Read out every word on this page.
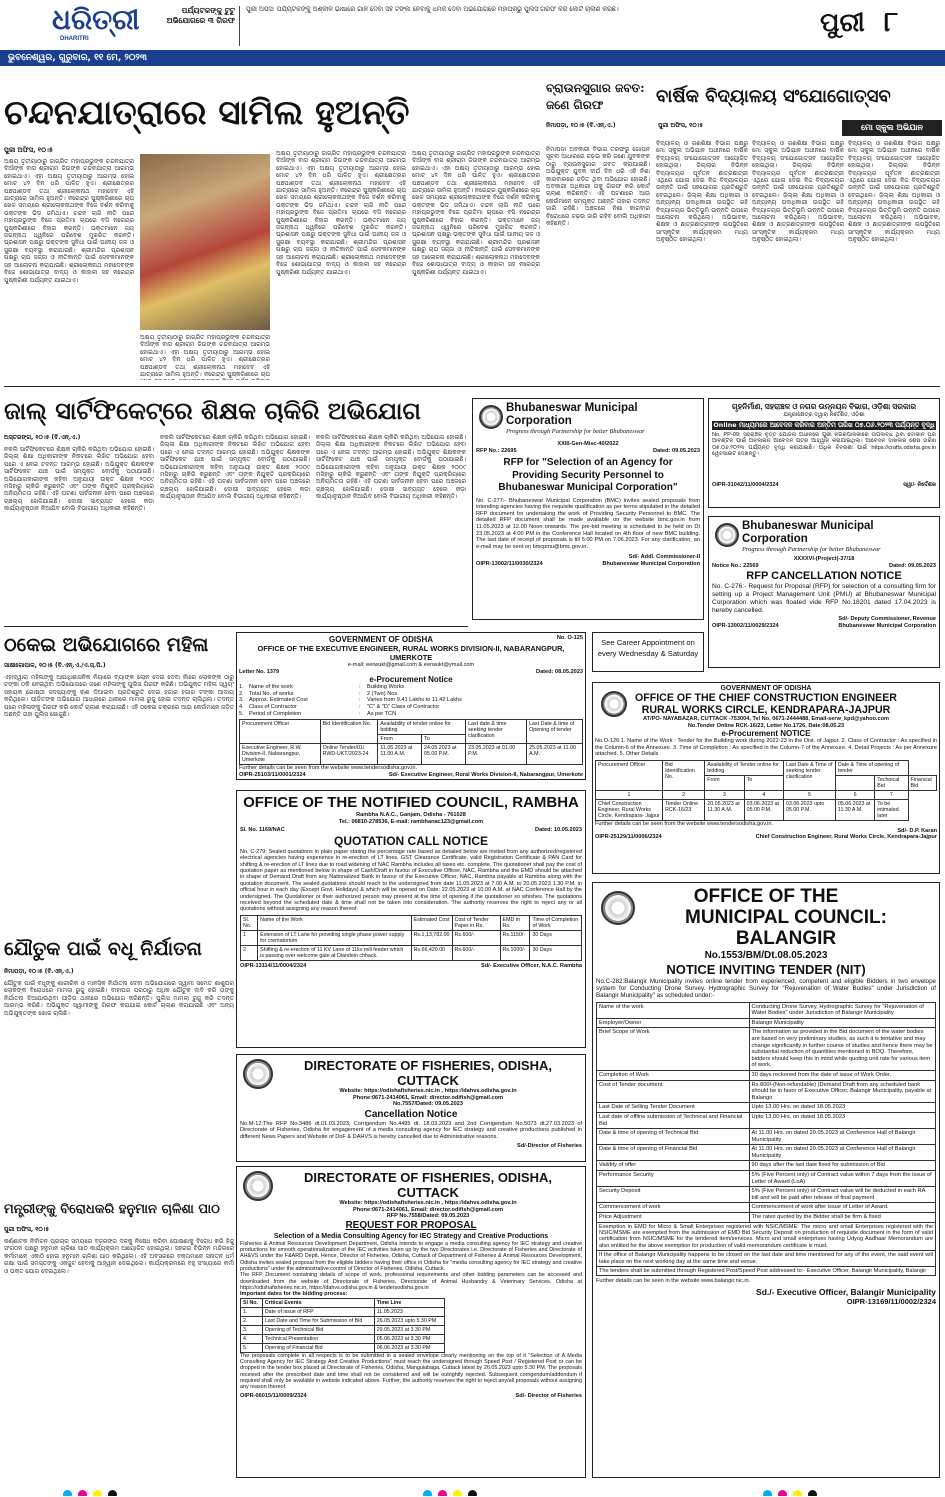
ଧରିତ୍ରୀ
DHARITRI
ପର୍ଯ୍ୟଟକଙ୍କୁ ଟୁଟୁ ଅଭିଯୋଗରେ ୩ ଗିରଫ
ପୁରୀ ଅପିସ: ପର୍ଯ୍ୟଟକଙ୍କୁ ଅଶ୍ଳୀଳ ଭାଷାରେ ଗାଳି ଦେବା ସହ ଟଙ୍କା ନେବାକୁ ଧମକ ଦେବା ଅଭିଯୋଗରେ ମହାପ୍ରଭୁ ପୁଲିସ ଗିରଫ କରି କୋର୍ଟ ଚାଲାଣ କରିଛି।	ପୁରୀ ୮
ଭୁବନେଶ୍ୱର, ଗୁରୁବାର, ୧୧ ମେ, ୨୦୨୩
ଚନ୍ଦନଯାତ୍ରାରେ ସାମିଲ ହୁଅନ୍ତି
ପୁରୀ ଅଫିସ, ୧୦।୫
ଅକ୍ଷୟ ତୃତୀୟାଠାରୁ ଜାଗ୍ରିତ ମହାପ୍ରଭୁଙ୍କ ଚନ୍ଦନଯାତ୍ରା ଦିଆଁଙ୍କ ବାସ ଶ୍ରୀରାମ ଜିଉଙ୍କ ଚନ୍ଦନଯାତ୍ରା ଆରମ୍ଭ ହୋଇଥାଏ। ଏହା ଅକ୍ଷୟ ତୃତୀୟାଠାରୁ ଆରମ୍ଭ ହୋଇ ମୋଟ ୪୨ ଦିନ ଧରି ପାଳିତ ହୁଏ। ଶ୍ରୀକ୍ଷେତ୍ରର ପଞ୍ଚପାଣ୍ଡବ ତଥା ଶ୍ରୀଲୋକନାଥ ମହାଦେବ ଏହି ଯାତ୍ରାରେ ସାମିଲ ହୁଅନ୍ତି। ନରେନ୍ଦ୍ର ପୁଷ୍କରିଣୀରେ ଚାପ ଖେଳ ସମୟରେ ଶ୍ରୀଲୋକନାଥଙ୍କ ବିଜେ ଦର୍ଶନ କରିବାକୁ ଭକ୍ତଙ୍କ ଭିଡ଼ ଜମିଥାଏ। ଚନ୍ଦନ ଲାଗି ନୀତି ପରେ ମହାପ୍ରଭୁଙ୍କ ବିଜେ ପ୍ରତିମା ଚାପରେ ବସି ନରେନ୍ଦ୍ର ପୁଷ୍କରିଣୀରେ ବିହାର କରନ୍ତି। ଭକ୍ତମାନେ ଜୟ ଜଗନ୍ନାଥ ଧ୍ୱନିରେ ପରିବେଶ ମୁଖରିତ କରନ୍ତି। ପ୍ରଶାସନ ପକ୍ଷରୁ ଭକ୍ତଙ୍କ ସୁବିଧା ପାଇଁ ପାନୀୟ ଜଳ ଓ ସୁରକ୍ଷା ବ୍ୟବସ୍ଥା କରାଯାଇଛି। ଶ୍ରୀମନ୍ଦିର ପ୍ରଶାସନ ପକ୍ଷରୁ ଚାପ ସଜ୍ଜା ଓ ନୀତିକାନ୍ତି ପାଇଁ ସେବକମାନଙ୍କ ସହ ଆଲୋଚନା କରାଯାଇଛି। ଶ୍ରୀଲୋକନାଥ ମହାଦେବଙ୍କ ବିଜେ ଶୋଭାଯାତ୍ରା ବାଦ୍ୟ ଓ କାହାଳୀ ସହ ନରେନ୍ଦ୍ର ପୁଷ୍କରିଣୀ ପର୍ଯ୍ୟନ୍ତ ଯାଇଥାଏ।
ଅକ୍ଷୟ ତୃତୀୟାଠାରୁ ଜାଗ୍ରିତ ମହାପ୍ରଭୁଙ୍କ ଚନ୍ଦନଯାତ୍ରା ଦିଆଁଙ୍କ ବାସ ଶ୍ରୀରାମ ଜିଉଙ୍କ ଚନ୍ଦନଯାତ୍ରା ଆରମ୍ଭ ହୋଇଥାଏ। ଏହା ଅକ୍ଷୟ ତୃତୀୟାଠାରୁ ଆରମ୍ଭ ହୋଇ ମୋଟ ୪୨ ଦିନ ଧରି ପାଳିତ ହୁଏ। ଶ୍ରୀକ୍ଷେତ୍ରର ପଞ୍ଚପାଣ୍ଡବ ତଥା ଶ୍ରୀଲୋକନାଥ ମହାଦେବ ଏହି ଯାତ୍ରାରେ ସାମିଲ ହୁଅନ୍ତି। ନରେନ୍ଦ୍ର ପୁଷ୍କରିଣୀରେ ଚାପ
ଅକ୍ଷୟ ତୃତୀୟାଠାରୁ ଜାଗ୍ରିତ ମହାପ୍ରଭୁଙ୍କ ଚନ୍ଦନଯାତ୍ରା ଦିଆଁଙ୍କ ବାସ ଶ୍ରୀରାମ ଜିଉଙ୍କ ଚନ୍ଦନଯାତ୍ରା ଆରମ୍ଭ ହୋଇଥାଏ। ଏହା ଅକ୍ଷୟ ତୃତୀୟାଠାରୁ ଆରମ୍ଭ ହୋଇ ମୋଟ ୪୨ ଦିନ ଧରି ପାଳିତ ହୁଏ। ଶ୍ରୀକ୍ଷେତ୍ରର ପଞ୍ଚପାଣ୍ଡବ ତଥା ଶ୍ରୀଲୋକନାଥ ମହାଦେବ ଏହି ଯାତ୍ରାରେ ସାମିଲ ହୁଅନ୍ତି। ନରେନ୍ଦ୍ର ପୁଷ୍କରିଣୀରେ ଚାପ ଖେଳ ସମୟରେ ଶ୍ରୀଲୋକନାଥଙ୍କ ବିଜେ ଦର୍ଶନ କରିବାକୁ ଭକ୍ତଙ୍କ ଭିଡ଼ ଜମିଥାଏ। ଚନ୍ଦନ ଲାଗି ନୀତି ପରେ ମହାପ୍ରଭୁଙ୍କ ବିଜେ ପ୍ରତିମା ଚାପରେ ବସି ନରେନ୍ଦ୍ର ପୁଷ୍କରିଣୀରେ ବିହାର କରନ୍ତି। ଭକ୍ତମାନେ ଜୟ ଜଗନ୍ନାଥ ଧ୍ୱନିରେ ପରିବେଶ ମୁଖରିତ କରନ୍ତି। ପ୍ରଶାସନ ପକ୍ଷରୁ ଭକ୍ତଙ୍କ ସୁବିଧା ପାଇଁ ପାନୀୟ ଜଳ ଓ ସୁରକ୍ଷା ବ୍ୟବସ୍ଥା କରାଯାଇଛି। ଶ୍ରୀମନ୍ଦିର ପ୍ରଶାସନ ପକ୍ଷରୁ ଚାପ ସଜ୍ଜା ଓ ନୀତିକାନ୍ତି ପାଇଁ ସେବକମାନଙ୍କ ସହ ଆଲୋଚନା କରାଯାଇଛି। ଶ୍ରୀଲୋକନାଥ ମହାଦେବଙ୍କ ବିଜେ ଶୋଭାଯାତ୍ରା ବାଦ୍ୟ ଓ କାହାଳୀ ସହ ନରେନ୍ଦ୍ର ପୁଷ୍କରିଣୀ ପର୍ଯ୍ୟନ୍ତ ଯାଇଥାଏ।
ଅକ୍ଷୟ ତୃତୀୟାଠାରୁ ଜାଗ୍ରିତ ମହାପ୍ରଭୁଙ୍କ ଚନ୍ଦନଯାତ୍ରା ଦିଆଁଙ୍କ ବାସ ଶ୍ରୀରାମ ଜିଉଙ୍କ ଚନ୍ଦନଯାତ୍ରା ଆରମ୍ଭ ହୋଇଥାଏ। ଏହା ଅକ୍ଷୟ ତୃତୀୟାଠାରୁ ଆରମ୍ଭ ହୋଇ ମୋଟ ୪୨ ଦିନ ଧରି ପାଳିତ ହୁଏ। ଶ୍ରୀକ୍ଷେତ୍ରର ପଞ୍ଚପାଣ୍ଡବ ତଥା ଶ୍ରୀଲୋକନାଥ ମହାଦେବ ଏହି ଯାତ୍ରାରେ ସାମିଲ ହୁଅନ୍ତି। ନରେନ୍ଦ୍ର ପୁଷ୍କରିଣୀରେ ଚାପ ଖେଳ ସମୟରେ ଶ୍ରୀଲୋକନାଥଙ୍କ ବିଜେ ଦର୍ଶନ କରିବାକୁ ଭକ୍ତଙ୍କ ଭିଡ଼ ଜମିଥାଏ। ଚନ୍ଦନ ଲାଗି ନୀତି ପରେ ମହାପ୍ରଭୁଙ୍କ ବିଜେ ପ୍ରତିମା ଚାପରେ ବସି ନରେନ୍ଦ୍ର ପୁଷ୍କରିଣୀରେ ବିହାର କରନ୍ତି। ଭକ୍ତମାନେ ଜୟ ଜଗନ୍ନାଥ ଧ୍ୱନିରେ ପରିବେଶ ମୁଖରିତ କରନ୍ତି। ପ୍ରଶାସନ ପକ୍ଷରୁ ଭକ୍ତଙ୍କ ସୁବିଧା ପାଇଁ ପାନୀୟ ଜଳ ଓ ସୁରକ୍ଷା ବ୍ୟବସ୍ଥା କରାଯାଇଛି। ଶ୍ରୀମନ୍ଦିର ପ୍ରଶାସନ ପକ୍ଷରୁ ଚାପ ସଜ୍ଜା ଓ ନୀତିକାନ୍ତି ପାଇଁ ସେବକମାନଙ୍କ ସହ ଆଲୋଚନା କରାଯାଇଛି। ଶ୍ରୀଲୋକନାଥ ମହାଦେବଙ୍କ ବିଜେ ଶୋଭାଯାତ୍ରା ବାଦ୍ୟ ଓ କାହାଳୀ ସହ ନରେନ୍ଦ୍ର ପୁଷ୍କରିଣୀ ପର୍ଯ୍ୟନ୍ତ ଯାଇଥାଏ।
ବ୍ରାଉନସୁଗାର ଜବତ: ଜଣେ ଗିରଫ
ନିମାପଡ଼ା, ୧୦।୫ (ବି.ଏନ୍.ଏ.)
ନିମାପଡ଼ା ଅବକାରୀ ବିଭାଗ ତରଫରୁ ଗୋପନ ସୂଚନା ଆଧାରରେ ଚଢ଼ଉ କରି ଜଣେ ଯୁବକଙ୍କ ଠାରୁ ବ୍ରାଉନସୁଗାର ଜବତ କରାଯାଇଛି। ଅଭିଯୁକ୍ତ ଯୁବକ ଦୀର୍ଘ ଦିନ ଧରି ଏହି ନିଶା କାରବାରରେ ଜଡ଼ିତ ଥିବା ଅଭିଯୋଗ ହୋଇଛି। ଅବକାରୀ ଅଧିକାରୀ ତାକୁ ଗିରଫ କରି କୋର୍ଟ ଚାଲାଣ କରିଛନ୍ତି। ଏହି ଘଟଣାରେ ଆଉ କେଉଁମାନେ ସମ୍ପୃକ୍ତ ଅଛନ୍ତି ତାହାର ତଦନ୍ତ ଜାରି ରହିଛି। ଅଞ୍ଚଳରେ ନିଶା କାରବାର ବିରୋଧରେ ଚଢ଼ଉ ଜାରି ରହିବ ବୋଲି ଅଧିକାରୀ କହିଛନ୍ତି।
ବାର୍ଷିକ ବିଦ୍ୟାଳୟ ସଂଯୋଗୋତ୍ସବ
ପୁରୀ ଅଫିସ, ୧୦।୫	ମୋ ସ୍କୁଲ ଅଭିଯାନ
ବିଦ୍ୟାଳୟ ଓ ଗଣଶିକ୍ଷା ବିଭାଗ ପକ୍ଷରୁ ମୋ ସ୍କୁଲ ଅଭିଯାନ ଅଧୀନରେ ବାର୍ଷିକ ବିଦ୍ୟାଳୟ ସଂଯୋଗୋତ୍ସବ ଆୟୋଜିତ ହୋଇଥିଲା। ଜିଲ୍ଲାର ବିଭିନ୍ନ ବିଦ୍ୟାଳୟର ପୂର୍ବତନ ଛାତ୍ରଛାତ୍ରୀ ଏଥିରେ ଯୋଗ ଦେଇ ନିଜ ବିଦ୍ୟାଳୟର ଉନ୍ନତି ପାଇଁ ସହଯୋଗର ପ୍ରତିଶ୍ରୁତି ଦେଇଥିଲେ। ଜିଲ୍ଲା ଶିକ୍ଷା ଅଧିକାରୀ ଓ ଅନ୍ୟାନ୍ୟ ପଦାଧିକାରୀ ଉପସ୍ଥିତ ରହି ବିଦ୍ୟାଳୟର ଭିତ୍ତିଭୂମି ଉନ୍ନତି ଉପରେ ଆଲୋଚନା କରିଥିଲେ। ଅଭିଭାବକ, ଶିକ୍ଷକ ଓ ଛାତ୍ରଛାତ୍ରୀଙ୍କ ଉପସ୍ଥିତିରେ ସାଂସ୍କୃତିକ କାର୍ଯ୍ୟକ୍ରମ ମଧ୍ୟ ଅନୁଷ୍ଠିତ ହୋଇଥିଲା।
ବିଦ୍ୟାଳୟ ଓ ଗଣଶିକ୍ଷା ବିଭାଗ ପକ୍ଷରୁ ମୋ ସ୍କୁଲ ଅଭିଯାନ ଅଧୀନରେ ବାର୍ଷିକ ବିଦ୍ୟାଳୟ ସଂଯୋଗୋତ୍ସବ ଆୟୋଜିତ ହୋଇଥିଲା। ଜିଲ୍ଲାର ବିଭିନ୍ନ ବିଦ୍ୟାଳୟର ପୂର୍ବତନ ଛାତ୍ରଛାତ୍ରୀ ଏଥିରେ ଯୋଗ ଦେଇ ନିଜ ବିଦ୍ୟାଳୟର ଉନ୍ନତି ପାଇଁ ସହଯୋଗର ପ୍ରତିଶ୍ରୁତି ଦେଇଥିଲେ। ଜିଲ୍ଲା ଶିକ୍ଷା ଅଧିକାରୀ ଓ ଅନ୍ୟାନ୍ୟ ପଦାଧିକାରୀ ଉପସ୍ଥିତ ରହି ବିଦ୍ୟାଳୟର ଭିତ୍ତିଭୂମି ଉନ୍ନତି ଉପରେ ଆଲୋଚନା କରିଥିଲେ। ଅଭିଭାବକ, ଶିକ୍ଷକ ଓ ଛାତ୍ରଛାତ୍ରୀଙ୍କ ଉପସ୍ଥିତିରେ ସାଂସ୍କୃତିକ କାର୍ଯ୍ୟକ୍ରମ ମଧ୍ୟ ଅନୁଷ୍ଠିତ ହୋଇଥିଲା।
ବିଦ୍ୟାଳୟ ଓ ଗଣଶିକ୍ଷା ବିଭାଗ ପକ୍ଷରୁ ମୋ ସ୍କୁଲ ଅଭିଯାନ ଅଧୀନରେ ବାର୍ଷିକ ବିଦ୍ୟାଳୟ ସଂଯୋଗୋତ୍ସବ ଆୟୋଜିତ ହୋଇଥିଲା। ଜିଲ୍ଲାର ବିଭିନ୍ନ ବିଦ୍ୟାଳୟର ପୂର୍ବତନ ଛାତ୍ରଛାତ୍ରୀ ଏଥିରେ ଯୋଗ ଦେଇ ନିଜ ବିଦ୍ୟାଳୟର ଉନ୍ନତି ପାଇଁ ସହଯୋଗର ପ୍ରତିଶ୍ରୁତି ଦେଇଥିଲେ। ଜିଲ୍ଲା ଶିକ୍ଷା ଅଧିକାରୀ ଓ ଅନ୍ୟାନ୍ୟ ପଦାଧିକାରୀ ଉପସ୍ଥିତ ରହି ବିଦ୍ୟାଳୟର ଭିତ୍ତିଭୂମି ଉନ୍ନତି ଉପରେ ଆଲୋଚନା କରିଥିଲେ। ଅଭିଭାବକ, ଶିକ୍ଷକ ଓ ଛାତ୍ରଛାତ୍ରୀଙ୍କ ଉପସ୍ଥିତିରେ ସାଂସ୍କୃତିକ କାର୍ଯ୍ୟକ୍ରମ ମଧ୍ୟ ଅନୁଷ୍ଠିତ ହୋଇଥିଲା।
ଜାଲ୍ ସାର୍ଟିଫିକେଟ୍‌ରେ ଶିକ୍ଷକ ଚାକିରି ଅଭିଯୋଗ
ଅସ୍ତରଙ୍ଗ, ୧୦।୫ (ବି.ଏନ୍.ଏ.)
ନକଲି ସାର୍ଟିଫିକେଟରେ ଶିକ୍ଷକ ଚାକିରି କରିଥିବା ଅଭିଯୋଗ ହୋଇଛି। ଜିଲ୍ଲା ଶିକ୍ଷା ଅଧିକାରୀଙ୍କ ନିକଟରେ ଲିଖିତ ଅଭିଯୋଗ ହେବା ପରେ ଏ ନେଇ ତଦନ୍ତ ଆରମ୍ଭ ହୋଇଛି। ଅଭିଯୁକ୍ତ ଶିକ୍ଷକଙ୍କ ସାର୍ଟିଫିକେଟ ଯାଞ୍ଚ ପାଇଁ ସମ୍ପୃକ୍ତ ବୋର୍ଡକୁ ପଠାଯାଇଛି। ଅଭିଯୋଗକାରୀଙ୍କ କହିବା ଅନୁଯାୟୀ ଉକ୍ତ ଶିକ୍ଷକ ୨୦୦୯ ମସିହାରୁ ଚାକିରି କରୁଛନ୍ତି ଏବଂ ତାଙ୍କ ନିଯୁକ୍ତି ପ୍ରକ୍ରିୟାରେ ଅନିୟମିତତା ରହିଛି। ଏହି ଘଟଣା ସାର୍ବଜନୀନ ହେବା ପରେ ଅଞ୍ଚଳରେ ଚାଞ୍ଚଲ୍ୟ ଖେଳିଯାଇଛି। ଦୋଷୀ ସାବ୍ୟସ୍ତ ହେଲେ କଡ଼ା କାର୍ଯ୍ୟାନୁଷ୍ଠାନ ନିଆଯିବ ବୋଲି ବିଭାଗୀୟ ଅଧିକାରୀ କହିଛନ୍ତି।
ନକଲି ସାର୍ଟିଫିକେଟରେ ଶିକ୍ଷକ ଚାକିରି କରିଥିବା ଅଭିଯୋଗ ହୋଇଛି। ଜିଲ୍ଲା ଶିକ୍ଷା ଅଧିକାରୀଙ୍କ ନିକଟରେ ଲିଖିତ ଅଭିଯୋଗ ହେବା ପରେ ଏ ନେଇ ତଦନ୍ତ ଆରମ୍ଭ ହୋଇଛି। ଅଭିଯୁକ୍ତ ଶିକ୍ଷକଙ୍କ ସାର୍ଟିଫିକେଟ ଯାଞ୍ଚ ପାଇଁ ସମ୍ପୃକ୍ତ ବୋର୍ଡକୁ ପଠାଯାଇଛି। ଅଭିଯୋଗକାରୀଙ୍କ କହିବା ଅନୁଯାୟୀ ଉକ୍ତ ଶିକ୍ଷକ ୨୦୦୯ ମସିହାରୁ ଚାକିରି କରୁଛନ୍ତି ଏବଂ ତାଙ୍କ ନିଯୁକ୍ତି ପ୍ରକ୍ରିୟାରେ ଅନିୟମିତତା ରହିଛି। ଏହି ଘଟଣା ସାର୍ବଜନୀନ ହେବା ପରେ ଅଞ୍ଚଳରେ ଚାଞ୍ଚଲ୍ୟ ଖେଳିଯାଇଛି। ଦୋଷୀ ସାବ୍ୟସ୍ତ ହେଲେ କଡ଼ା କାର୍ଯ୍ୟାନୁଷ୍ଠାନ ନିଆଯିବ ବୋଲି ବିଭାଗୀୟ ଅଧିକାରୀ କହିଛନ୍ତି।
ନକଲି ସାର୍ଟିଫିକେଟରେ ଶିକ୍ଷକ ଚାକିରି କରିଥିବା ଅଭିଯୋଗ ହୋଇଛି। ଜିଲ୍ଲା ଶିକ୍ଷା ଅଧିକାରୀଙ୍କ ନିକଟରେ ଲିଖିତ ଅଭିଯୋଗ ହେବା ପରେ ଏ ନେଇ ତଦନ୍ତ ଆରମ୍ଭ ହୋଇଛି। ଅଭିଯୁକ୍ତ ଶିକ୍ଷକଙ୍କ ସାର୍ଟିଫିକେଟ ଯାଞ୍ଚ ପାଇଁ ସମ୍ପୃକ୍ତ ବୋର୍ଡକୁ ପଠାଯାଇଛି। ଅଭିଯୋଗକାରୀଙ୍କ କହିବା ଅନୁଯାୟୀ ଉକ୍ତ ଶିକ୍ଷକ ୨୦୦୯ ମସିହାରୁ ଚାକିରି କରୁଛନ୍ତି ଏବଂ ତାଙ୍କ ନିଯୁକ୍ତି ପ୍ରକ୍ରିୟାରେ ଅନିୟମିତତା ରହିଛି। ଏହି ଘଟଣା ସାର୍ବଜନୀନ ହେବା ପରେ ଅଞ୍ଚଳରେ ଚାଞ୍ଚଲ୍ୟ ଖେଳିଯାଇଛି। ଦୋଷୀ ସାବ୍ୟସ୍ତ ହେଲେ କଡ଼ା କାର୍ଯ୍ୟାନୁଷ୍ଠାନ ନିଆଯିବ ବୋଲି ବିଭାଗୀୟ ଅଧିକାରୀ କହିଛନ୍ତି।
Bhubaneswar Municipal Corporation
Progress through Partnership for better Bhubaneswar
XXIII-Gen-Misc-40/2022
RFP No.: 22695	Dated: 09.05.2023
RFP for "Selection of an Agency for Providing Security Personnel to Bhubaneswar Municipal Corporation"
No. C-277:- Bhubaneswar Municipal Corporation (BMC) invites sealed proposals from intending agencies having the requisite qualification as per terms stipulated in the detailed RFP document for undertaking the work of Providing Security Personnel to BMC. The detailed RFP document shall be made available on the website bmc.gov.in from 11.05.2023 at 12.00 Noon onwards. The pre-bid meeting is scheduled to be held on Dt 23.05.2023 at 4:00 PM in the Conference Hall located on 4th floor of new BMC building. The last date of receipt of proposals is till 5:00 PM on 7.06.2023. For any clarification, an e-mail may be sent on bmcpmu@bmc.gov.in.
Sd/- Addl. Commissioner-II
OIPR-13002/11/0030/2324	Bhubaneswar Municipal Corporation
ଗୃହନିର୍ମାଣ, ସହରାଞ୍ଚଳ ଓ ନଗର ଉନ୍ନୟନ ବିଭାଗ, ଓଡ଼ିଶା ସରକାର
ଯନ୍ତ୍ରୀକ୍ଷେତ୍ର ଦ୍ୱାରା ନିର୍ଦ୍ଦେଶିତ, ଓଡ଼ିଶା
Online ମାଧ୍ୟମରେ ଆବେଦନ କରିବାର ଅନ୍ତିମ ତାରିଖ ୦୭.୦୬.୨୦୨୩ ପର୍ଯ୍ୟନ୍ତ ବୃଦ୍ଧି
No. PP-09: ସହରାଞ୍ଚଳ ବୃତ୍ତି ଯୋଜନା ଅଧୀନରେ ପୁରୀ ନଗରପାଳିକାରେ ଉପଲବ୍ଧ ଥିବା ଦୋକାନ ଘର ଆବଣ୍ଟନ ପାଇଁ ଅନଲାଇନ ଆବେଦନ ପତ୍ର ଆହ୍ୱାନ କରାଯାଇଥିଲା। ଆବେଦନ ଦାଖଲର ଶେଷ ତାରିଖ ୦୭.୦୬.୨୦୨୩ ପର୍ଯ୍ୟନ୍ତ ବୃଦ୍ଧି କରାଯାଇଛି। ଅଧିକ ବିବରଣୀ ପାଇଁ https://crafts.odisha.gov.in ୱେବସାଇଟ ଦେଖନ୍ତୁ।
OIPR-31042/11/0004/2324	ସ୍ୱା/- ନିର୍ଦ୍ଦେଶକ
Bhubaneswar Municipal Corporation
Progress through Partnership for better Bhubaneswar
XXXXVI-(Project)-37/18
Notice No.: 22569	Dated: 09.05.2023
RFP CANCELLATION NOTICE
No. C-276:- Request for Proposal (RFP) for selection of a consulting firm for setting up a Project Management Unit (PMU) at Bhubaneswar Municipal Corporation which was floated vide RFP No.18201 dated 17.04.2023 is hereby cancelled.
Sd/- Deputy Commissioner, Revenue
OIPR-13002/11/0029/2324	Bhubaneswar Municipal Corporation
ଠକେଇ ଅଭିଯୋଗରେ ମହିଳା
ସାକ୍ଷୀଗୋପାଳ, ୧୦।୫ (ବି.ଏନ୍.ଏ./ଏ.ସ୍.ପି.)
ଏହାଦ୍ୱାରା ମହିଳାଙ୍କୁ ଆପାଧିଶାସନିକ ନିୟାରେ ବ୍ୟାଙ୍କ ଲୋନ ଦେଇ ଦେବା ନାଁରେ ଲୋକଙ୍କ ଠାରୁ ଟଙ୍କା ଠକି ନେଇଥିବା ଅଭିଯୋଗରେ ଜଣେ ମହିଳାଙ୍କୁ ପୁଲିସ ଗିରଫ କରିଛି। ଅଭିଯୁକ୍ତ ମହିଳା ସ୍ୱୟଂ ସହାୟକ ଗୋଷ୍ଠୀ ସଦସ୍ୟାଙ୍କୁ ଋଣ ଦିଆଇବା ପ୍ରତିଶ୍ରୁତି ଦେଇ ହଜାର ହଜାର ଟଙ୍କା ଆଦାୟ କରିଥିଲେ। ପୀଡ଼ିତଙ୍କ ଅଭିଯୋଗ ଆଧାରରେ ଥାନାରେ ମାମଲା ରୁଜୁ ହୋଇ ତଦନ୍ତ ଚାଲିଥିଲା। ତଦନ୍ତ ପରେ ମହିଳାଙ୍କୁ ଗିରଫ କରି କୋର୍ଟ ଚାଲାଣ କରାଯାଇଛି। ଏହି ଠକେଇ ଚକ୍ରରେ ଆଉ କେଉଁମାନେ ଜଡ଼ିତ ଅଛନ୍ତି ତାହା ପୁଲିସ ଖୋଜୁଛି।
ଯୌତୁକ ପାଇଁ ବଧୂ ନିର୍ଯାତନା
ନିମାପଡ଼ା, ୧୦।୫ (ବି.ଏନ୍.ଏ.)
ଯୌତୁକ ପାଇଁ ବଧୂଙ୍କୁ ଶାରୀରିକ ଓ ମାନସିକ ନିର୍ଯାତନା ଦେବା ଅଭିଯୋଗରେ ସ୍ୱାମୀ ସମେତ ଶାଶୁଘର ଲୋକଙ୍କ ବିରୋଧରେ ମାମଲା ରୁଜୁ ହୋଇଛି। ବାହାଘର ପରଠାରୁ ଅଧିକ ଯୌତୁକ ଦାବି କରି ତାଙ୍କୁ ନିର୍ଯାତନା ଦିଆଯାଉଥିବା ପୀଡ଼ିତା ଥାନାରେ ଅଭିଯୋଗ କରିଛନ୍ତି। ପୁଲିସ ମାମଲା ରୁଜୁ କରି ତଦନ୍ତ ଆରମ୍ଭ କରିଛି। ଅଭିଯୁକ୍ତ ସ୍ୱାମୀଙ୍କୁ ଗିରଫ କରାଯାଇ କୋର୍ଟ ଚାଲାଣ କରାଯାଇଛି ଏବଂ ଅନ୍ୟ ଅଭିଯୁକ୍ତଙ୍କ ଖୋଜ ଚାଲିଛି।
ମନ୍ତ୍ରୀଙ୍କୁ ବିରୋଧକରି ହନୁମାନ ଚାଳିଶା ପାଠ
ପୁରୀ ଅଫିସ, ୧୦।୫
କର୍ଣ୍ଣାଟକ ନିର୍ବାଚନ ପ୍ରଚାର ସମୟରେ ବଜରଙ୍ଗ ଦଳକୁ ନିଷେଧ କରିବା ଘୋଷଣାକୁ ବିରୋଧ କରି ହିନ୍ଦୁ ସଂଗଠନ ପକ୍ଷରୁ ହନୁମାନ ଚାଳିଶା ପାଠ କାର୍ଯ୍ୟକ୍ରମ ଆୟୋଜିତ ହୋଇଥିଲା। ସହରର ବିଭିନ୍ନ ମନ୍ଦିରରେ କର୍ମୀମାନେ ଏକାଠି ହୋଇ ହନୁମାନ ଚାଳିଶା ପାଠ କରିଥିଲେ। ଏହି ଅବସରରେ ବକ୍ତାମାନେ ସନାତନ ଧର୍ମ ରକ୍ଷା ପାଇଁ ସମସ୍ତଙ୍କୁ ଏକଜୁଟ ହେବାକୁ ଆହ୍ୱାନ ଦେଇଥିଲେ। କାର୍ଯ୍ୟକ୍ରମରେ ବହୁ ସଂଖ୍ୟାରେ କର୍ମୀ ଓ ଭକ୍ତ ଯୋଗ ଦେଇଥିଲେ।
GOVERNMENT OF ODISHA	No. O-125
OFFICE OF THE EXECUTIVE ENGINEER, RURAL WORKS DIVISION-II, NABARANGPUR, UMERKOTE
e-mail: eerwukt@gmail.com & eerwukt@ymail.com
Letter No. 1379	Dated: 08.05.2023
e-Procurement Notice
1. Name of the work	:	Building Works
2. Total No. of works	:	2 (Two) Nos.
3. Approx. Estimated Cost	:	Varies from 9.41 Lakhs to 11.42 Lakhs
4. Class of Contractor	:	"C" & "D" Class of Contractor
5. Period of Completion	:	As per TCN
Procurement Officer	Bid Identification No.	Availability of tender online for bidding		Last date & time seeking tender clarification	Last Date & time of Opening of tender
		From	To		
Executive Engineer, R.W. Division-II, Nabarangpur, Umerkote	Online Tender/01/ RWD-UKT/2023-24	11.05.2023 at 11.00 A.M.	24.05.2023 at 05.00 P.M.	23.05.2023 at 01.00 P.M.	25.05.2023 at 11.00 A.M.
Further details can be seen from the website www.tendersodisha.gov.in.
OIPR-25103/11/0001/2324	Sd/- Executive Engineer, Rural Works Division-II, Nabarangpur, Umerkote
See Career Appointment on every Wednesday & Saturday
GOVERNMENT OF ODISHA
OFFICE OF THE CHIEF CONSTRUCTION ENGINEER
RURAL WORKS CIRCLE, KENDRAPARA-JAJPUR
AT/PO- NAYABAZAR, CUTTACK -753004, Tel No. 0671-2444488, Email-serw_kpd@yahoo.com
No.Tender Online RCK-16/23, Letter No.1726, Date:08.05.23
e-Procurement NOTICE
No.O-126:1. Name of the Work : Tender for the Building work during 2022-23 in the Dist. of Jajpur. 2. Class of Contractor : As specified in the Column-6 of the Annexure. 3. Time of Completion : As specified in the Column-7 of the Annexure. 4. Detail Projects : As per Annexure attached. 5. Other Details
Procurement Officer	Bid Identification No.	Availability of Tender online for bidding		Last Date & Time of seeking tender clarification	Date & Time of opening of tender		
		From	To			Technical Bid	Financial Bid
1	2	3	4	5	6	7	
Chief Construction Engineer, Rural Works Circle, Kendrapara- Jajpur	Tender Online RCK-16/23	20.05.2023 at 11.30 A.M.	03.06.2023 at 05.00 P.M.	03.06.2023 upto 05.00 P.M.	05.06.2023 at 11.30 A.M.	To be intimated later	
Further details can be seen from the website www.tendersodisha.gov.in.
Sd/- D.P. Karan
OIPR-25129/11/0006/2324	Chief Construction Engineer, Rural Works Circle, Kendrapara-Jajpur
OFFICE OF THE NOTIFIED COUNCIL, RAMBHA
Rambha N.A.C., Ganjam, Odisha - 761028
Tel.: 06810-278536, E-mail: rambhanac123@gmail.com
Sl. No. 1169/NAC	Dated: 10.05.2023
QUOTATION CALL NOTICE
No. C-279: Sealed quotations in plain paper stating the percentage rate based as detailed below are invited from any authorized/registered electrical agencies having experience in re-erection of LT lines, GST Clearance Certificate, valid Registration Certificate & PAN Card for shifting & re-erection of LT lines due to road widening of NAC Rambha includes all taxes etc. complete. The quotationer shall pay the cost of quotation paper as mentioned below in shape of Cash/Draft in favour of Executive Officer, NAC, Rambha and the EMD should be attached in shape of Demand Draft from any Nationalized Bank in favour of the Executive Officer, NAC, Rambha payable at Rambha along with the quotation document. The sealed quotations should reach to the undersigned from date 11.05.2023 at 7.00 A.M. to 20.05.2023 1.30 P.M. in official hour in each day (Except Govt. Holidays) & which will be opened on Date: 22.05.2023 at 10.00 A.M. at NAC Conference Hall by the undersigned. The Quotationer or their authorized person may present at the time of opening if the quotationer so whishes. The quotations received beyond the scheduled date & time shall not be taken into consideration. The authority reserves the right to reject any or all quotations without assigning any reason thereof.
Sl. No.	Name of the Work	Estimated Cost	Cost of Tender Paper in Rs.	EMD in Rs.	Time of Completion of Work
1	Extension of LT Lane for providing single phase power supply for crematorium	Rs.1,13,782.00	Rs.600/-	Rs.1150/-	30 Days
2	Shifting & re-erection of 11 KV Lane of 11kv mill feeder which is passing over welcome gate at Diandein chhack.	Rs.66,420.00	Rs.600/-	Rs.1000/-	30 Days
OIPR-13114/11/0004/2324	Sd/- Executive Officer, N.A.C. Rambha
OFFICE OF THE
MUNICIPAL COUNCIL: BALANGIR
No.1553/BM/Dt.08.05.2023
NOTICE INVITING TENDER (NIT)
No.C-282:Balangir Municipality invites online tender from experienced, competent and eligible Bidders in two envelope system for Conducting Drone Survey. Hydrographic Survey for "Rejuvenation of Water Bodies" under Jurisdiction of Balangir Municipality" as scheduled under:-
Name of the work	Conducting Drone Survey, Hydrographic Survey for "Rejuvenation of Water Bodies" under Jurisdiction of Balangir Municipality
Employer/Owner	Balangir Municipality
Brief Scope of Work	The information as provided in the Bid document of the water bodies are based on very preliminary studies, as such it is tentative and may change significantly in further course of studies and hence there may be substantial reduction of quantities mentioned in BOQ. Therefore, bidders should keep this in mind while quoting unit rate for various item of work.
Completion of Work	30 days reckoned from the date of issue of Work Order.
Cost of Tender document	Rs.600/-(Non-refundable) (Demand Draft from any scheduled bank should be in favor of Executive Officer, Balangir Municipality, payable at Balangir.
Last Date of Selling Tender Document	Upto 13.00 Hrs. on dated 18.05.2023
Last date of offline submission of Technical and Financial Bid	Upto 13.00 Hrs. on dated 18.05.2023
Date & time of opening of Technical Bid	At 11.00 Hrs. on dated 20.05.2023 at Conference Hall of Balangir Municipality
Date & time of opening of Financial Bid	At 11.00 Hrs. on dated 20.05.2023 at Conference Hall of Balangir Municipality
Validity of offer	90 days after the last date fixed for submission of Bid
Performance Security	5% (Five Percent only) of Contract value within 7 days from the issue of Letter of Award (LoA)
Security Deposit	5% (Five Percent only) of Contract value will be deducted in each RA bill and will be paid after release of final payment
Commencement of work	Commencement of work after issue of Letter of Award.
Price Adjustment	The rates quoted by the Bidder shall be firm & fixed
Exemption in EMD for Micro & Small Enterprises registered with NSIC/MSME: The micro and small Enterprises registered with the NSIC/MSME are exempted from the submission of EMD Bid Security Deposit on production of requisite document in the form of valid certification from NSIC/MSME for the tendered item/services. Micro and small enterprises having Udyog Aadhaar Memorandum are also entitled for the above exemption for production of valid memorandum certificate is must.
If the office of Balangir Municipality happens to be closed on the last date and time mentioned for any of the event, the said event will take place on the next working day at the same time and venue.
The tenders shall be submitted through Registered Post/Speed Post addressed to:- Executive Officer, Balangir Municipality, Balangir
Further details can be seen in the website www.balangir.nic.in.
Sd./- Executive Officer, Balangir Municipality
OIPR-13169/11/0002/2324
DIRECTORATE OF FISHERIES, ODISHA, CUTTACK
Website: https://odishafisheries.nic.in , https://dahvs.odisha.gov.in
Phone:0671-2414061, Email: director.odifish@gmail.com
No.7557/Dated: 09.05.2023
Cancellation Notice
No.M-12:The RFP No.3486 dt.01.03.2023, Corrigendum No.4495 dt. 18.03.2023 and 2nd Corrigendum No.5073 dt.27.03.2023 of Directorate of Fisheries, Odisha for engagement of a media consulting agency for IEC strategy and creative productions published in different News Papers and Website of DoF & DAHVS is hereby cancelled due to Administrative reasons.
Sd/-Director of Fisheries
DIRECTORATE OF FISHERIES, ODISHA, CUTTACK
Website: https://odishafisheries.nic.in , https://dahvs.odisha.gov.in
Phone:0671-2414061, Email: director.odifish@gmail.com
RFP No.7558/Dated: 09.05.2023
REQUEST FOR PROPOSAL
Selection of a Media Consulting Agency for IEC Strategy and Creative Productions
Fisheries & Animal Resources Development Department, Odisha intends to engage a media consulting agency for IEC strategy and creative productions for smooth operationalization of the IEC activities taken up by the two Directorates i.e. Directorate of Fisheries and Directorate of AH&VS under the F&ARD Deptt. Hence, Director of Fisheries, Odisha, Cuttack of Department of Fisheries & Animal Resources Development, Odisha invites sealed proposal from the eligible bidders having their office in Odisha for "media consulting agency for IEC strategy and creative productions" under the administrative control of Director of Fisheries, Odisha, Cuttack.
The RFP Document containing details of scope of work, professional requirements and other bidding parameters can be accessed and downloaded from the website of Directorate of Fisheries, Directorate of Animal Husbandry & Veterinary Services, Odisha at https://odishafisheries.nic.in, https://dahvs.odisha.gov.in & tendersodisha.gov.in
Important dates for the bidding process:
Sl No.	Critical Events	Time Line
1.	Date of issue of RFP	11.05.2023
2.	Last Date and Time for Submission of Bid	26.05.2023 upto 5.30 PM
3.	Opening of Technical Bid	29.05.2023 at 3.30 PM
4.	Technical Presentation	05.06.2023 at 3.30 PM
5.	Opening of Financial Bid	06.06.2023 at 3.30 PM
The proposals complete in all respects is to be submitted in a sealed envelope clearly mentioning on the top of it "Selection of A Media Consulting Agency for IEC Strategy And Creative Productions" must reach the undersigned through Speed Post / Registered Post or can be dropped in the tender box placed at Directorate of Fisheries, Odisha, Manguiabaga, Cuttack latest by 26.05.2023 upto 5.30 PM. The proposals received after the prescribed date and time shall not be considered and will be outrightly rejected. Subsequent corrigendum/addendum if required shall only be available in website indicated above. Further, the authority reserves the right to reject any/all proposals without assigning any reason thereof.
OIPR-06015/11/0009/2324	Sd/- Director of Fisheries
